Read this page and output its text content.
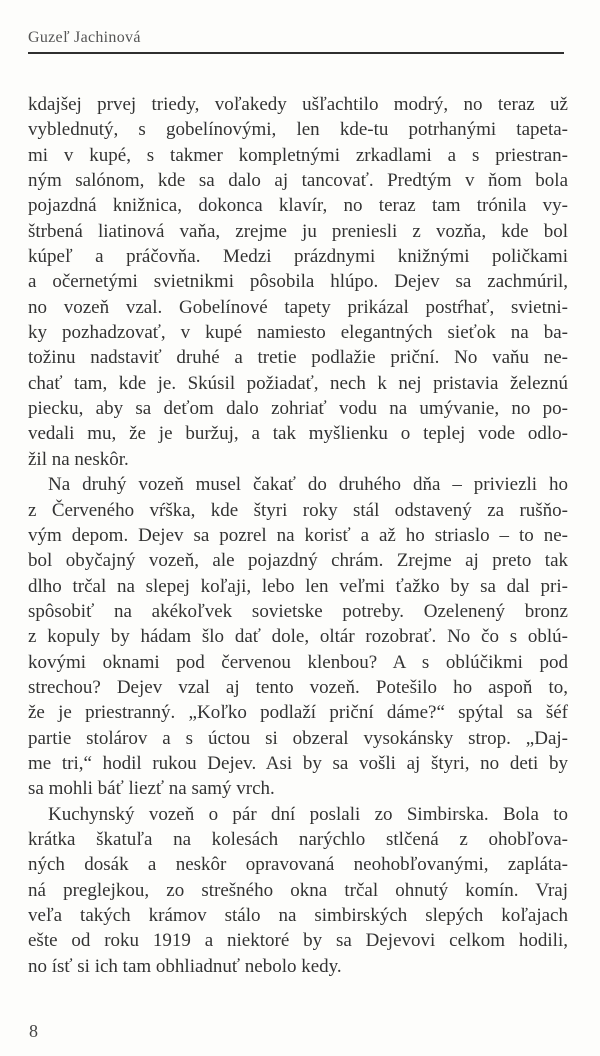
Guzeľ Jachinová

kdajšej prvej triedy, voľakedy ušľachtilo modrý, no teraz už
vyblednutý, s gobelínovými, len kde-tu potrhanými tapeta-
mi v kupé, s takmer kompletnými zrkadlami a s priestran-
ným salónom, kde sa dalo aj tancovať. Predtým v ňom bola
pojazdná knižnica, dokonca klavír, no teraz tam trónila vy-
štrbená liatinová vaňa, zrejme ju preniesli z vozňa, kde bol
kúpeľ a práčovňa. Medzi prázdnymi knižnými poličkami
a očernetými svietnikmi pôsobila hlúpo. Dejev sa zachmúril,
no vozeň vzal. Gobelínové tapety prikázal postŕhať, svietni-
ky pozhadzovať, v kupé namiesto elegantných sieťok na ba-
tožinu nadstaviť druhé a tretie podlažie priční. No vaňu ne-
chať tam, kde je. Skúsil požiadať, nech k nej pristavia železnú
piecku, aby sa deťom dalo zohriať vodu na umývanie, no po-
vedali mu, že je buržuj, a tak myšlienku o teplej vode odlo-
žil na neskôr.

Na druhý vozeň musel čakať do druhého dňa – priviezli ho
z Červeného vŕška, kde štyri roky stál odstavený za rušňo-
vým depom. Dejev sa pozrel na korisť a až ho striaslo – to ne-
bol obyčajný vozeň, ale pojazdný chrám. Zrejme aj preto tak
dlho trčal na slepej koľaji, lebo len veľmi ťažko by sa dal pri-
spôsobiť na akékoľvek sovietske potreby. Ozelenený bronz
z kopuly by hádam šlo dať dole, oltár rozobrať. No čo s oblú-
kovými oknami pod červenou klenbou? A s oblúčikmi pod
strechou? Dejev vzal aj tento vozeň. Potešilo ho aspoň to,
že je priestranný. „Koľko podlaží priční dáme?“ spýtal sa šéf
partie stolárov a s úctou si obzeral vysokánsky strop. „Daj-
me tri,“ hodil rukou Dejev. Asi by sa vošli aj štyri, no deti by
sa mohli báť liezť na samý vrch.

Kuchynský vozeň o pár dní poslali zo Simbirska. Bola to
krátka škatuľa na kolesách narýchlo stlčená z ohobľova-
ných dosák a neskôr opravovaná neohobľovanými, zapláta-
ná preglejkou, zo strešného okna trčal ohnutý komín. Vraj
veľa takých krámov stálo na simbirských slepých koľajach
ešte od roku 1919 a niektoré by sa Dejevovi celkom hodili,
no ísť si ich tam obhliadnuť nebolo kedy.

8
